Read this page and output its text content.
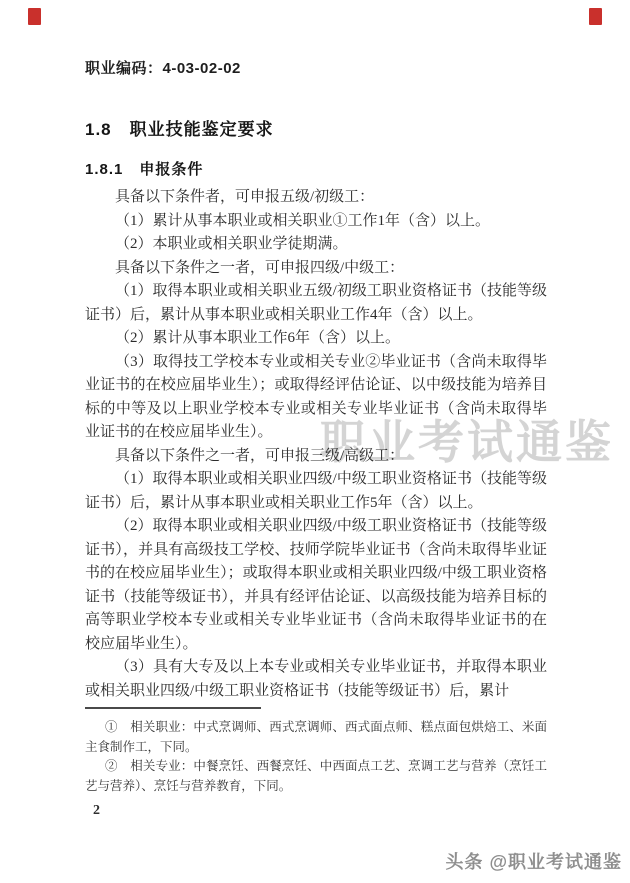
职业编码：4-03-02-02
1.8　职业技能鉴定要求
1.8.1　申报条件
职业考试通鉴

具备以下条件者，可申报五级/初级工：

（1）累计从事本职业或相关职业①工作1年（含）以上。

（2）本职业或相关职业学徒期满。

具备以下条件之一者，可申报四级/中级工：

（1）取得本职业或相关职业五级/初级工职业资格证书（技能等级证书）后，累计从事本职业或相关职业工作4年（含）以上。

（2）累计从事本职业工作6年（含）以上。

（3）取得技工学校本专业或相关专业②毕业证书（含尚未取得毕业证书的在校应届毕业生）；或取得经评估论证、以中级技能为培养目标的中等及以上职业学校本专业或相关专业毕业证书（含尚未取得毕业证书的在校应届毕业生）。

具备以下条件之一者，可申报三级/高级工：

（1）取得本职业或相关职业四级/中级工职业资格证书（技能等级证书）后，累计从事本职业或相关职业工作5年（含）以上。

（2）取得本职业或相关职业四级/中级工职业资格证书（技能等级证书），并具有高级技工学校、技师学院毕业证书（含尚未取得毕业证书的在校应届毕业生）；或取得本职业或相关职业四级/中级工职业资格证书（技能等级证书），并具有经评估论证、以高级技能为培养目标的高等职业学校本专业或相关专业毕业证书（含尚未取得毕业证书的在校应届毕业生）。

（3）具有大专及以上本专业或相关专业毕业证书，并取得本职业或相关职业四级/中级工职业资格证书（技能等级证书）后，累计

①　相关职业：中式烹调师、西式烹调师、西式面点师、糕点面包烘焙工、米面主食制作工，下同。

②　相关专业：中餐烹饪、西餐烹饪、中西面点工艺、烹调工艺与营养（烹饪工艺与营养）、烹饪与营养教育，下同。

2
头条 @职业考试通鉴
